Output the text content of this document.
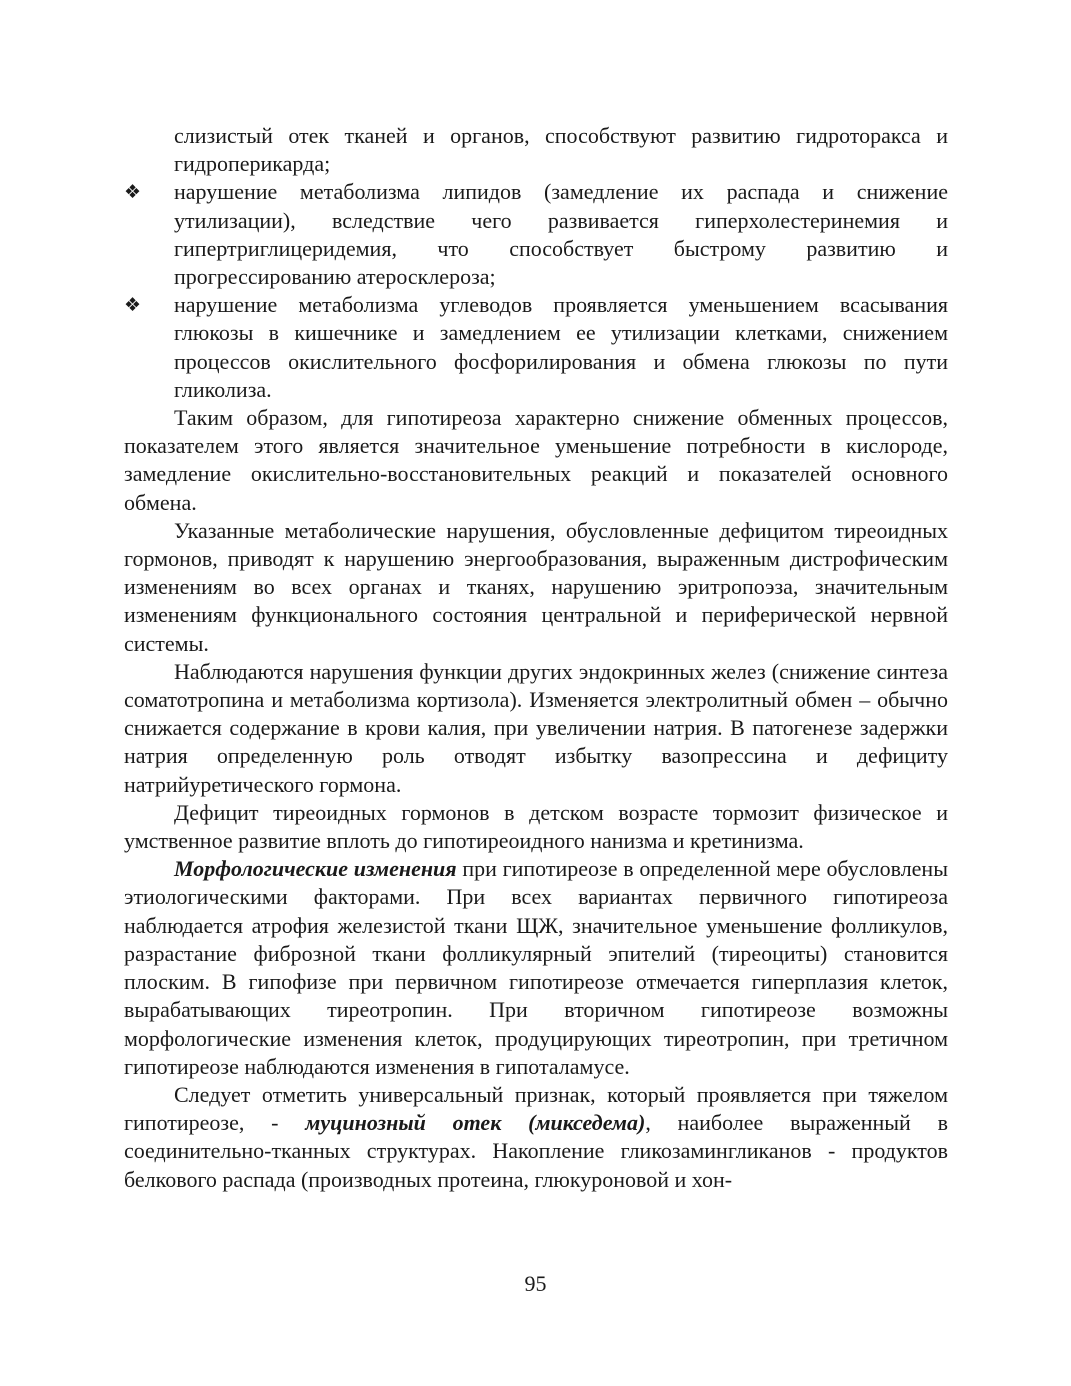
слизистый отек тканей и органов, способствуют развитию гидроторакса и гидроперикарда;

❖ нарушение метаболизма липидов (замедление их распада и снижение утилизации), вследствие чего развивается гиперхолестеринемия и гипертриглицеридемия, что способствует быстрому развитию и прогрессированию атеросклероза;
❖ нарушение метаболизма углеводов проявляется уменьшением всасывания глюкозы в кишечнике и замедлением ее утилизации клетками, снижением процессов окислительного фосфорилирования и обмена глюкозы по пути гликолиза.

Таким образом, для гипотиреоза характерно снижение обменных процессов, показателем этого является значительное уменьшение потребности в кислороде, замедление окислительно-восстановительных реакций и показателей основного обмена.

Указанные метаболические нарушения, обусловленные дефицитом тиреоидных гормонов, приводят к нарушению энергообразования, выраженным дистрофическим изменениям во всех органах и тканях, нарушению эритропоэза, значительным изменениям функционального состояния центральной и периферической нервной системы.

Наблюдаются нарушения функции других эндокринных желез (снижение синтеза соматотропина и метаболизма кортизола). Изменяется электролитный обмен – обычно снижается содержание в крови калия, при увеличении натрия. В патогенезе задержки натрия определенную роль отводят избытку вазопрессина и дефициту натрийуретического гормона.

Дефицит тиреоидных гормонов в детском возрасте тормозит физическое и умственное развитие вплоть до гипотиреоидного нанизма и кретинизма.

Морфологические изменения при гипотиреозе в определенной мере обусловлены этиологическими факторами. При всех вариантах первичного гипотиреоза наблюдается атрофия железистой ткани ЩЖ, значительное уменьшение фолликулов, разрастание фиброзной ткани фолликулярный эпителий (тиреоциты) становится плоским. В гипофизе при первичном гипотиреозе отмечается гиперплазия клеток, вырабатывающих тиреотропин. При вторичном гипотиреозе возможны морфологические изменения клеток, продуцирующих тиреотропин, при третичном гипотиреозе наблюдаются изменения в гипоталамусе.

Следует отметить универсальный признак, который проявляется при тяжелом гипотиреозе, - муцинозный отек (микседема), наиболее выраженный в соединительно-тканных структурах. Накопление гликозамингликанов - продуктов белкового распада (производных протеина, глюкуроновой и хон-

95
